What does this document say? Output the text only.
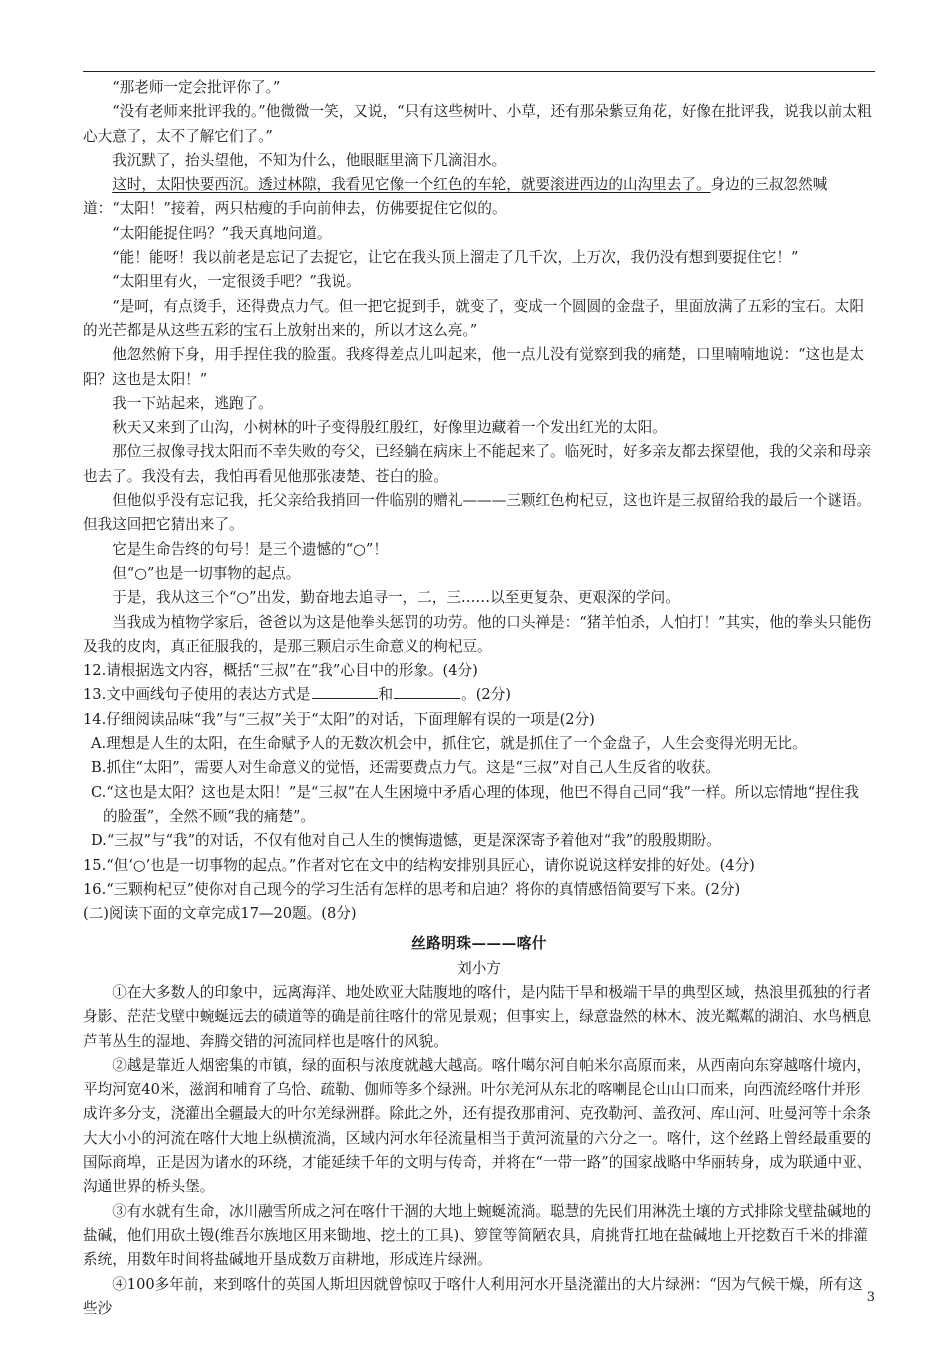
“那老师一定会批评你了。”

“没有老师来批评我的。”他微微一笑，又说，“只有这些树叶、小草，还有那朵紫豆角花，好像在批评我，说我以前太粗心大意了，太不了解它们了。”

我沉默了，抬头望他，不知为什么，他眼眶里滴下几滴泪水。

这时，太阳快要西沉。透过林隙，我看见它像一个红色的车轮，就要滚进西边的山沟里去了。身边的三叔忽然喊道：“太阳！”接着，两只枯瘦的手向前伸去，仿佛要捉住它似的。

“太阳能捉住吗？”我天真地问道。

“能！能呀！我以前老是忘记了去捉它，让它在我头顶上溜走了几千次，上万次，我仍没有想到要捉住它！”

“太阳里有火，一定很烫手吧？”我说。

“是呵，有点烫手，还得费点力气。但一把它捉到手，就变了，变成一个圆圆的金盘子，里面放满了五彩的宝石。太阳的光芒都是从这些五彩的宝石上放射出来的，所以才这么亮。”

他忽然俯下身，用手捏住我的脸蛋。我疼得差点儿叫起来，他一点儿没有觉察到我的痛楚，口里喃喃地说：“这也是太阳？这也是太阳！”

我一下站起来，逃跑了。

秋天又来到了山沟，小树林的叶子变得殷红殷红，好像里边藏着一个发出红光的太阳。

那位三叔像寻找太阳而不幸失败的夸父，已经躺在病床上不能起来了。临死时，好多亲友都去探望他，我的父亲和母亲也去了。我没有去，我怕再看见他那张凄楚、苍白的脸。

但他似乎没有忘记我，托父亲给我捎回一件临别的赠礼———三颗红色枸杞豆，这也许是三叔留给我的最后一个谜语。但我这回把它猜出来了。

它是生命告终的句号！是三个遗憾的“○”！

但“○”也是一切事物的起点。

于是，我从这三个“○”出发，勤奋地去追寻一，二，三……以至更复杂、更艰深的学问。

当我成为植物学家后，爸爸以为这是他拳头惩罚的功劳。他的口头禅是：“猪羊怕杀，人怕打！”其实，他的拳头只能伤及我的皮肉，真正征服我的，是那三颗启示生命意义的枸杞豆。

12.请根据选文内容，概括“三叔”在“我”心目中的形象。(4分)

13.文中画线句子使用的表达方式是	和	。(2分)

14.仔细阅读品味“我”与“三叔”关于“太阳”的对话，下面理解有误的一项是(2分)

A.理想是人生的太阳，在生命赋予人的无数次机会中，抓住它，就是抓住了一个金盘子，人生会变得光明无比。

B.抓住“太阳”，需要人对生命意义的觉悟，还需要费点力气。这是“三叔”对自己人生反省的收获。

C.“这也是太阳？这也是太阳！”是“三叔”在人生困境中矛盾心理的体现，他巴不得自己同“我”一样。所以忘情地“捏住我

的脸蛋”，全然不顾“我的痛楚”。

D.“三叔”与“我”的对话，不仅有他对自己人生的懊悔遗憾，更是深深寄予着他对“我”的殷殷期盼。

15.“但‘○’也是一切事物的起点。”作者对它在文中的结构安排别具匠心，请你说说这样安排的好处。(4分)

16.“三颗枸杞豆”使你对自己现今的学习生活有怎样的思考和启迪？将你的真情感悟简要写下来。(2分)

(二)阅读下面的文章完成17—20题。(8分)

丝路明珠———喀什

刘小方

①在大多数人的印象中，远离海洋、地处欧亚大陆腹地的喀什，是内陆干旱和极端干旱的典型区域，热浪里孤独的行者身影、茫茫戈壁中蜿蜒远去的碛道等的确是前往喀什的常见景观；但事实上，绿意盎然的林木、波光粼粼的湖泊、水鸟栖息芦苇丛生的湿地、奔腾交错的河流同样也是喀什的风貌。

②越是靠近人烟密集的市镇，绿的面积与浓度就越大越高。喀什噶尔河自帕米尔高原而来，从西南向东穿越喀什境内，平均河宽40米，滋润和哺育了乌恰、疏勒、伽师等多个绿洲。叶尔羌河从东北的喀喇昆仑山山口而来，向西流经喀什并形成许多分支，浇灌出全疆最大的叶尔羌绿洲群。除此之外，还有提孜那甫河、克孜勒河、盖孜河、库山河、吐曼河等十余条大大小小的河流在喀什大地上纵横流淌，区域内河水年径流量相当于黄河流量的六分之一。喀什，这个丝路上曾经最重要的国际商埠，正是因为诸水的环绕，才能延续千年的文明与传奇，并将在“一带一路”的国家战略中华丽转身，成为联通中亚、沟通世界的桥头堡。

③有水就有生命，冰川融雪所成之河在喀什干涸的大地上蜿蜒流淌。聪慧的先民们用淋洗土壤的方式排除戈壁盐碱地的盐碱，他们用砍土镘(维吾尔族地区用来锄地、挖土的工具)、箩筐等简陋农具，肩挑背扛地在盐碱地上开挖数百千米的排灌系统，用数年时间将盐碱地开垦成数万亩耕地，形成连片绿洲。

④100多年前，来到喀什的英国人斯坦因就曾惊叹于喀什人利用河水开垦浇灌出的大片绿洲：“因为气候干燥，所有这些沙

3
